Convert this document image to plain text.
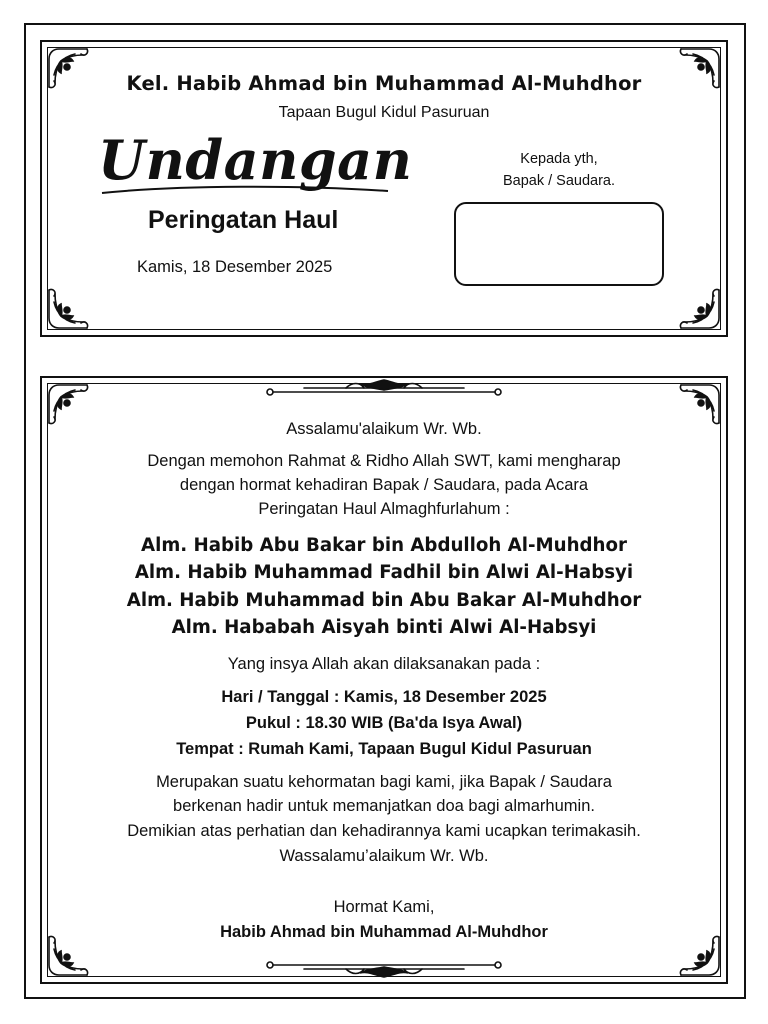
Kel. Habib Ahmad bin Muhammad Al-Muhdhor
Tapaan Bugul Kidul Pasuruan
Undangan
Peringatan Haul
Kamis, 18 Desember 2025
Kepada yth,
Bapak / Saudara.
Assalamu'alaikum Wr. Wb.
Dengan memohon Rahmat & Ridho Allah SWT, kami mengharap
dengan hormat kehadiran Bapak / Saudara, pada Acara
Peringatan Haul Almaghfurlahum :
Alm. Habib Abu Bakar bin Abdulloh Al-Muhdhor
Alm. Habib Muhammad Fadhil bin Alwi Al-Habsyi
Alm. Habib Muhammad bin Abu Bakar Al-Muhdhor
Alm. Hababah Aisyah binti Alwi Al-Habsyi
Yang insya Allah akan dilaksanakan pada :
Hari / Tanggal : Kamis, 18 Desember 2025
Pukul : 18.30 WIB (Ba'da Isya Awal)
Tempat : Rumah Kami, Tapaan Bugul Kidul Pasuruan
Merupakan suatu kehormatan bagi kami, jika Bapak / Saudara
berkenan hadir untuk memanjatkan doa bagi almarhumin.
Demikian atas perhatian dan kehadirannya kami ucapkan terimakasih.
Wassalamu’alaikum Wr. Wb.
Hormat Kami,
Habib Ahmad bin Muhammad Al-Muhdhor
